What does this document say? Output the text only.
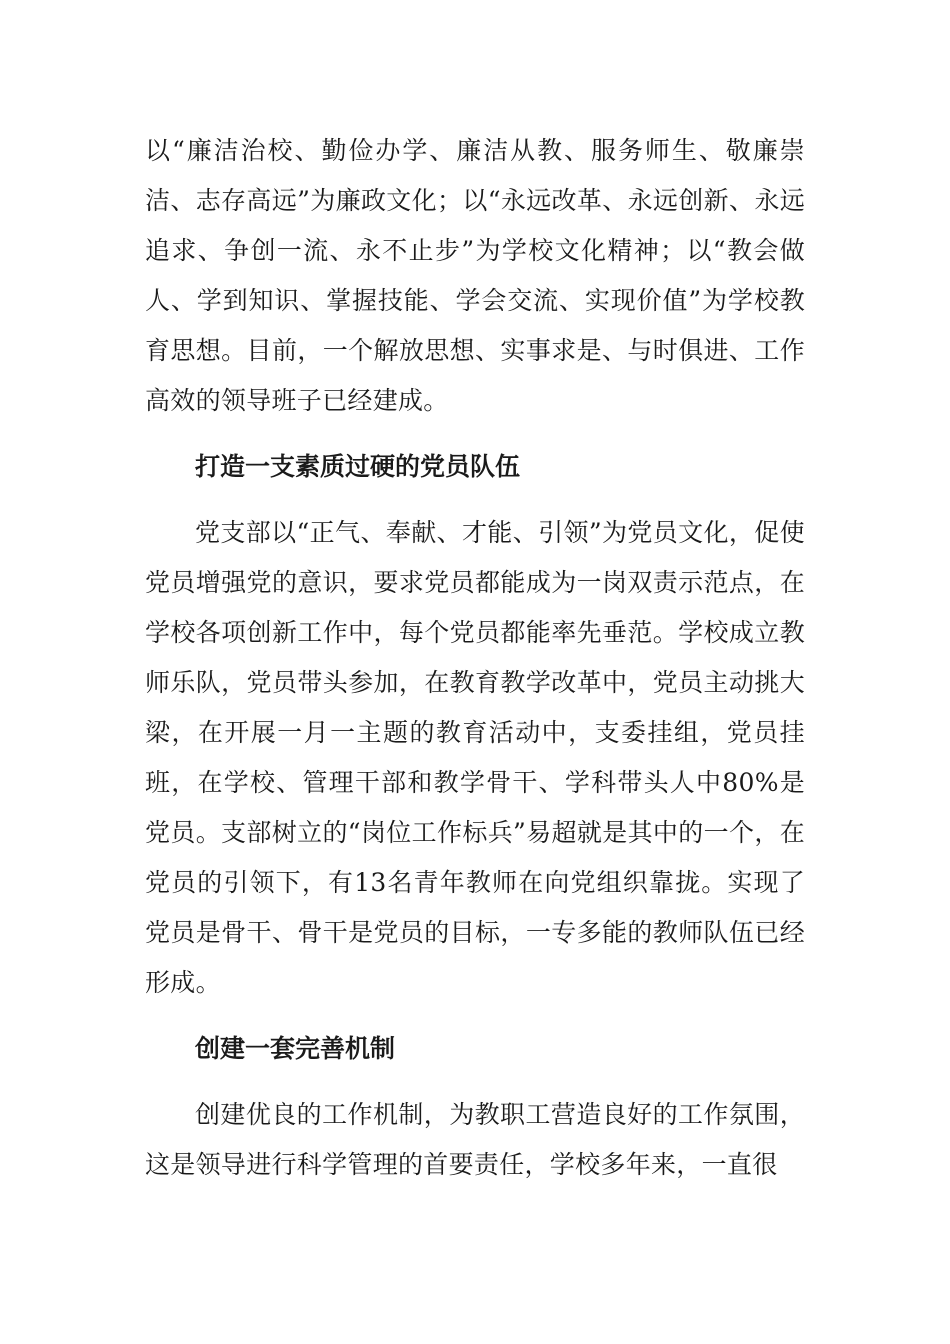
以“廉洁治校、勤俭办学、廉洁从教、服务师生、敬廉崇洁、志存高远”为廉政文化；以“永远改革、永远创新、永远追求、争创一流、永不止步”为学校文化精神；以“教会做人、学到知识、掌握技能、学会交流、实现价值”为学校教育思想。目前，一个解放思想、实事求是、与时俱进、工作高效的领导班子已经建成。

打造一支素质过硬的党员队伍

党支部以“正气、奉献、才能、引领”为党员文化，促使党员增强党的意识，要求党员都能成为一岗双责示范点，在学校各项创新工作中，每个党员都能率先垂范。学校成立教师乐队，党员带头参加，在教育教学改革中，党员主动挑大梁，在开展一月一主题的教育活动中，支委挂组，党员挂班，在学校、管理干部和教学骨干、学科带头人中80%是党员。支部树立的“岗位工作标兵”易超就是其中的一个，在党员的引领下，有13名青年教师在向党组织靠拢。实现了党员是骨干、骨干是党员的目标，一专多能的教师队伍已经形成。

创建一套完善机制

创建优良的工作机制，为教职工营造良好的工作氛围，这是领导进行科学管理的首要责任，学校多年来，一直很
